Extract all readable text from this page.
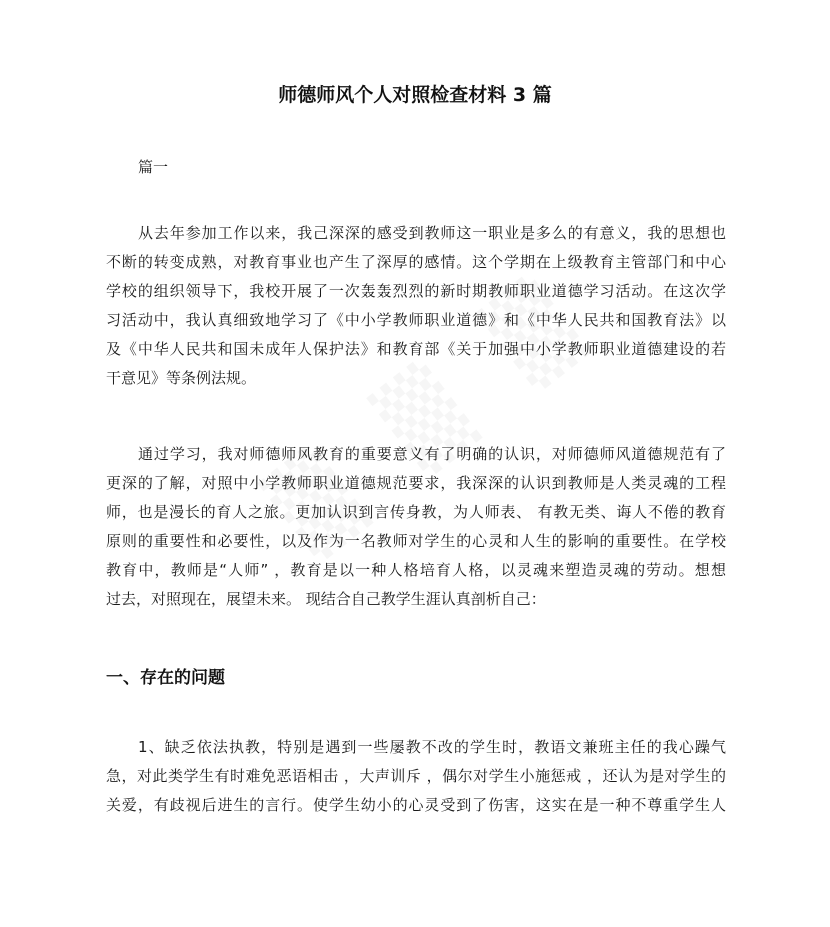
师德师风个人对照检查材料 3 篇
篇一
从去年参加工作以来，我己深深的感受到教师这一职业是多么的有意义，我的思想也
不断的转变成熟，对教育事业也产生了深厚的感情。这个学期在上级教育主管部门和中心
学校的组织领导下，我校开展了一次轰轰烈烈的新时期教师职业道德学习活动。在这次学
习活动中，我认真细致地学习了《中小学教师职业道德》和《中华人民共和国教育法》以
及《中华人民共和国未成年人保护法》和教育部《关于加强中小学教师职业道德建设的若
干意见》等条例法规。
通过学习，我对师德师风教育的重要意义有了明确的认识，对师德师风道德规范有了
更深的了解，对照中小学教师职业道德规范要求，我深深的认识到教师是人类灵魂的工程
师，也是漫长的育人之旅。更加认识到言传身教，为人师表、 有教无类、诲人不倦的教育
原则的重要性和必要性，以及作为一名教师对学生的心灵和人生的影响的重要性。在学校
教育中，教师是“人师” ，教育是以一种人格培育人格，以灵魂来塑造灵魂的劳动。想想
过去，对照现在，展望未来。 现结合自己教学生涯认真剖析自己：
一、存在的问题
1、缺乏依法执教，特别是遇到一些屡教不改的学生时，教语文兼班主任的我心躁气
急，对此类学生有时难免恶语相击 ，大声训斥 ，偶尔对学生小施惩戒 ，还认为是对学生的
关爱，有歧视后进生的言行。使学生幼小的心灵受到了伤害，这实在是一种不尊重学生人
